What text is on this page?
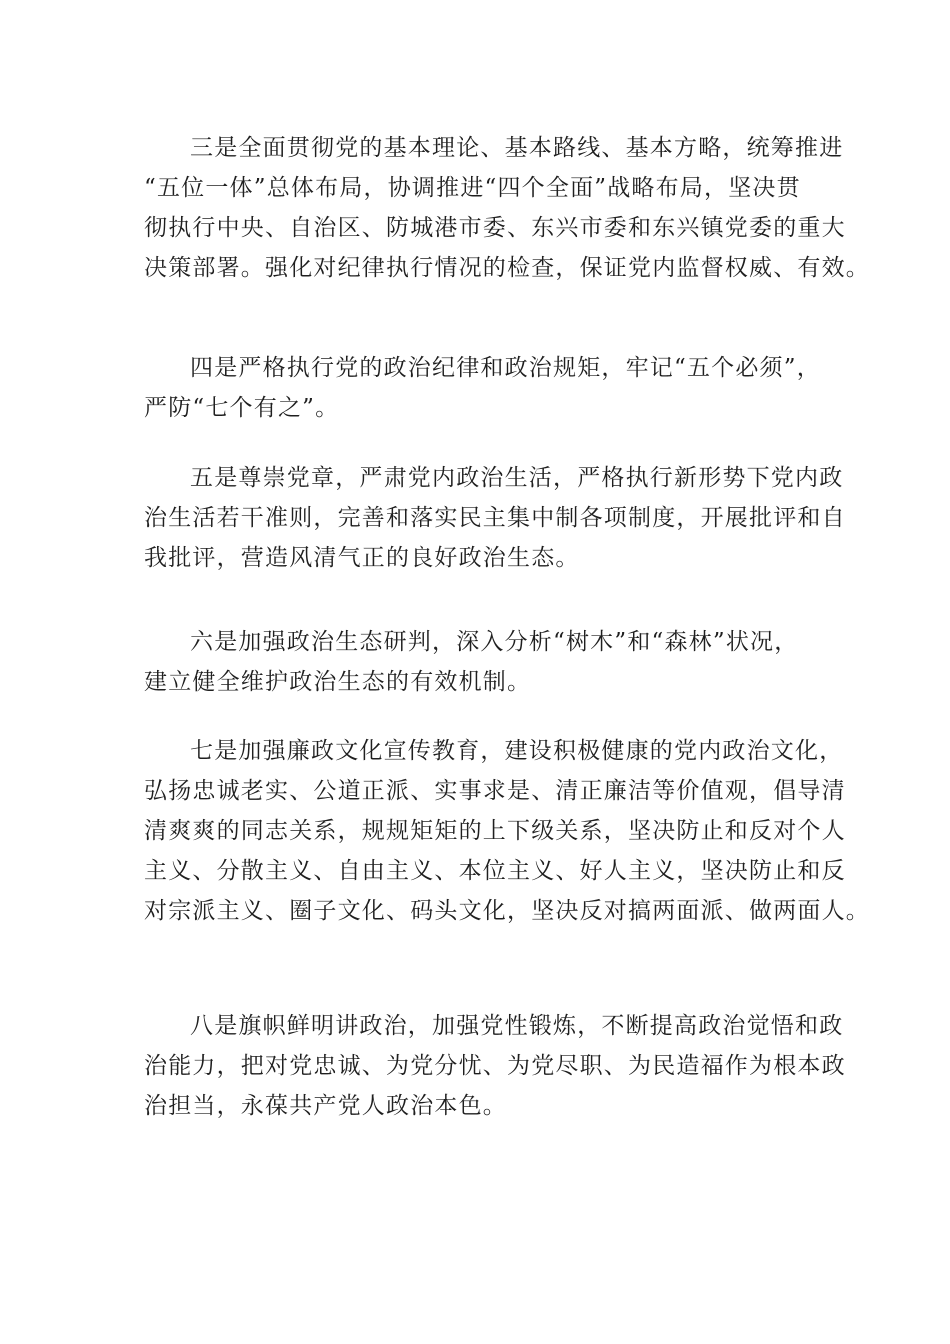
三是全面贯彻党的基本理论、基本路线、基本方略，统筹推进
“五位一体”总体布局，协调推进“四个全面”战略布局，坚决贯
彻执行中央、自治区、防城港市委、东兴市委和东兴镇党委的重大
决策部署。强化对纪律执行情况的检查，保证党内监督权威、有效。

四是严格执行党的政治纪律和政治规矩，牢记“五个必须”，
严防“七个有之”。

五是尊崇党章，严肃党内政治生活，严格执行新形势下党内政
治生活若干准则，完善和落实民主集中制各项制度，开展批评和自
我批评，营造风清气正的良好政治生态。

六是加强政治生态研判，深入分析“树木”和“森林”状况，
建立健全维护政治生态的有效机制。

七是加强廉政文化宣传教育，建设积极健康的党内政治文化，
弘扬忠诚老实、公道正派、实事求是、清正廉洁等价值观，倡导清
清爽爽的同志关系，规规矩矩的上下级关系，坚决防止和反对个人
主义、分散主义、自由主义、本位主义、好人主义，坚决防止和反
对宗派主义、圈子文化、码头文化，坚决反对搞两面派、做两面人。

八是旗帜鲜明讲政治，加强党性锻炼，不断提高政治觉悟和政
治能力，把对党忠诚、为党分忧、为党尽职、为民造福作为根本政
治担当，永葆共产党人政治本色。
